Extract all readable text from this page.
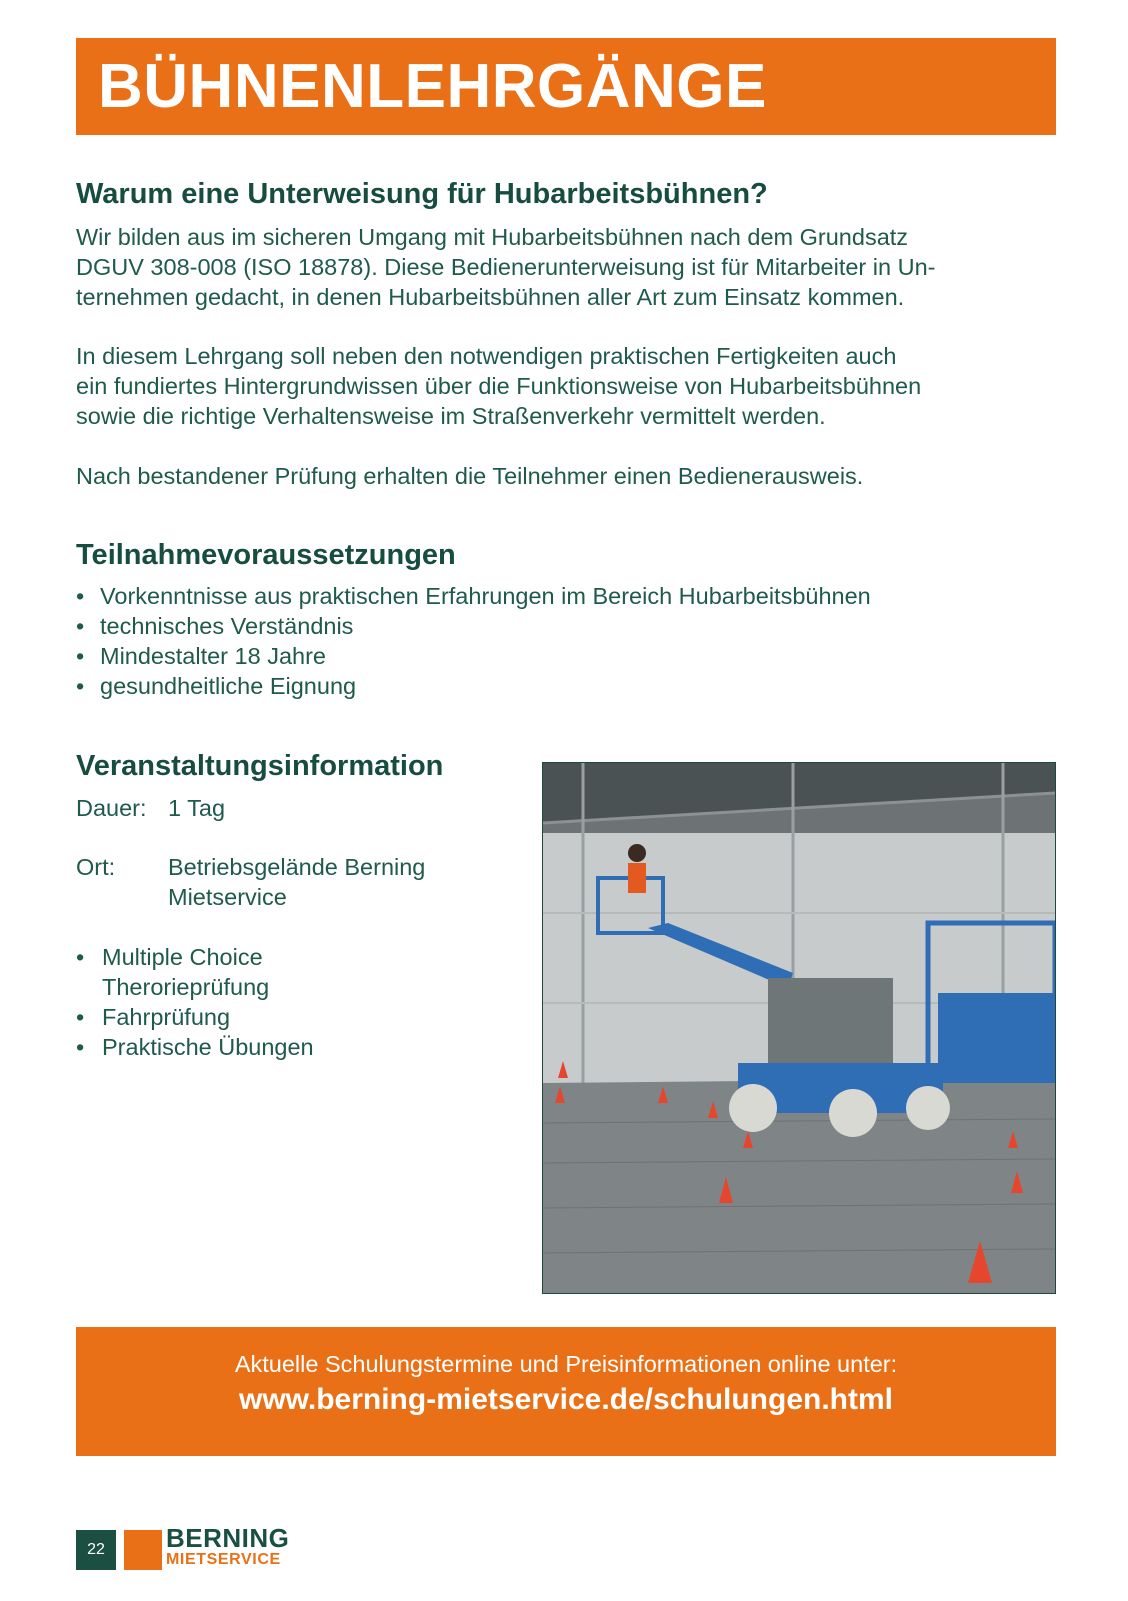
BÜHNENLEHRGÄNGE
Warum eine Unterweisung für Hubarbeitsbühnen?
Wir bilden aus im sicheren Umgang mit Hubarbeitsbühnen nach dem Grundsatz
DGUV 308-008 (ISO 18878). Diese Bedienerunterweisung ist für Mitarbeiter in Un-
ternehmen gedacht, in denen Hubarbeitsbühnen aller Art zum Einsatz kommen.
In diesem Lehrgang soll neben den notwendigen praktischen Fertigkeiten auch
ein fundiertes Hintergrundwissen über die Funktionsweise von Hubarbeitsbühnen
sowie die richtige Verhaltensweise im Straßenverkehr vermittelt werden.
Nach bestandener Prüfung erhalten die Teilnehmer einen Bedienerausweis.
Teilnahmevoraussetzungen
• Vorkenntnisse aus praktischen Erfahrungen im Bereich Hubarbeitsbühnen
• technisches Verständnis
• Mindestalter 18 Jahre
• gesundheitliche Eignung
Veranstaltungsinformation
Dauer: 1 Tag
Ort: Betriebsgelände Berning Mietservice
• Multiple Choice Therorieprüfung
• Fahrprüfung
• Praktische Übungen
Aktuelle Schulungstermine und Preisinformationen online unter:
www.berning-mietservice.de/schulungen.html
22	BERNING
MIETSERVICE
